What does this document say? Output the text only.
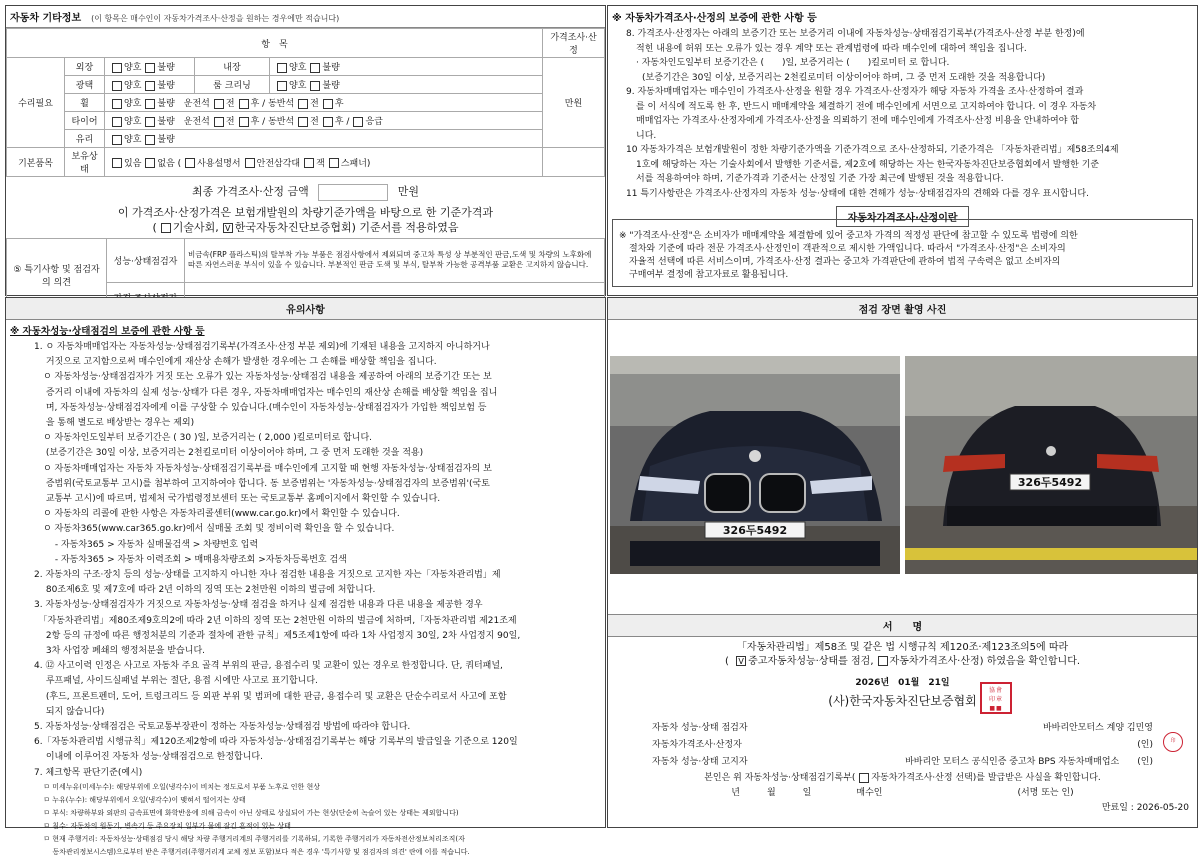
자동차 기타정보　 (이 항목은 매수인이 자동차가격조사·산정을 원하는 경우에만 적습니다)
항　목					가격조사·산정
수리필요	외장	양호 불량	내장	양호 불량	만원
	광택	양호 불량	룸 크리닝	양호 불량	
	휠	양호 불량　 운전석 전 후 / 동반석 전 후			
	타이어	양호 불량　 운전석 전 후 / 동반석 전 후 / 응급			
	유리	양호 불량			
기본품목	보유상태	있음 없음 ( 사용설명서 안전삼각대 잭 스패너)			
최종 가격조사·산정 금액	만원
이 가격조사·산정가격은 보험개발원의 차량기준가액을 바탕으로 한 기준가격과
( 기술사회, V 한국자동차진단보증협회) 기준서를 적용하였음
⑤ 특기사항 및 점검자의 의견	성능·상태점검자	비금속(FRP 플라스틱)의 탈부착 가능 부품은 점검사항에서 제외되며 중고차 특성 상 부분적인 판금,도색 및 차량의 노후화에 따른 자연스러운 부식이 있을 수 있습니다. 부분적인 판금 도색 및 부식, 탈부착 가능한 공격부품 교환은 고지하지 않습니다.

※ 자동차가격조사·산정의 보증에 관한 사항 등
8. 가격조사·산정자는 아래의 보증기간 또는 보증거리 이내에 자동차성능·상태점검기록부(가격조사·산정 부분 한정)에
적힌 내용에 허위 또는 오류가 있는 경우 계약 또는 관계법령에 따라 매수인에 대하여 책임을 집니다.
· 자동차인도일부터 보증기간은 (　　)일, 보증거리는 (　　)킬로미터 로 합니다.
(보증기간은 30일 이상, 보증거리는 2천킬로미터 이상이어야 하며, 그 중 먼저 도래한 것을 적용합니다)
9. 자동차매매업자는 매수인이 가격조사·산정을 원할 경우 가격조사·산정자가 해당 자동차 가격을 조사·산정하여 결과
를 이 서식에 적도록 한 후, 반드시 매매계약을 체결하기 전에 매수인에게 서면으로 고지하여야 합니다. 이 경우 자동차
매매업자는 가격조사·산정자에게 가격조사·산정을 의뢰하기 전에 매수인에게 가격조사·산정 비용을 안내하여야 합
니다.
10 자동차가격은 보험개발원이 정한 차량기준가액을 기준가격으로 조사·산정하되, 기준가격은 「자동차관리법」제58조의4제
1호에 해당하는 자는 기술사회에서 발행한 기준서를, 제2호에 해당하는 자는 한국자동차진단보증협회에서 발행한 기준
서를 적용하여야 하며, 기준가격과 기준서는 산정일 기준 가장 최근에 발행된 것을 적용합니다.
11 특기사항란은 가격조사·산정자의 자동차 성능·상태에 대한 견해가 성능·상태점검자의 견해와 다를 경우 표시합니다.
자동차가격조사·산정이란
※ "가격조사·산정"은 소비자가 매매계약을 체결함에 있어 중고차 가격의 적정성 판단에 참고할 수 있도록 법령에 의한
절차와 기준에 따라 전문 가격조사·산정인이 객관적으로 제시한 가액입니다. 따라서 "가격조사·산정"은 소비자의
자율적 선택에 따른 서비스이며, 가격조사·산정 결과는 중고차 가격판단에 관하여 법적 구속력은 없고 소비자의
구매여부 결정에 참고자료로 활용됩니다.
유의사항
※ 자동차성능·상태점검의 보증에 관한 사항 등
1. ㅇ 자동차매매업자는 자동차성능·상태점검기록부(가격조사·산정 부분 제외)에 기재된 내용을 고지하지 아니하거나
　 거짓으로 고지함으로써 매수인에게 재산상 손해가 발생한 경우에는 그 손해를 배상할 책임을 집니다.
　ㅇ 자동차성능·상태점검자가 거짓 또는 오류가 있는 자동차성능·상태점검 내용을 제공하여 아래의 보증기간 또는 보
　 증거리 이내에 자동차의 실제 성능·상태가 다른 경우, 자동차매매업자는 매수인의 재산상 손해를 배상할 책임을 집니
　 며, 자동차성능·상태점검자에게 이를 구상할 수 있습니다.(매수인이 자동차성능·상태점검자가 가입한 책임보험 등
　 을 통해 별도로 배상받는 경우는 제외)
　ㅇ 자동차인도일부터 보증기간은 ( 30 )일, 보증거리는 ( 2,000 )킬로미터로 합니다.
　 (보증기간은 30일 이상, 보증거리는 2천킬로미터 이상이어야 하며, 그 중 먼저 도래한 것을 적용)
　ㅇ 자동차매매업자는 자동차 자동차성능·상태점검기록부를 매수인에게 고지할 때 현행 자동차성능·상태점검자의 보
　 증범위(국토교통부 고시)를 첨부하여 고지하여야 합니다. 동 보증범위는 '자동차성능·상태점검자의 보증범위'(국토
　 교통부 고시)에 따르며, 법제처 국가법령정보센터 또는 국토교통부 홈페이지에서 확인할 수 있습니다.
　ㅇ 자동차의 리콜에 관한 사항은 자동차리콜센터(www.car.go.kr)에서 확인할 수 있습니다.
　ㅇ 자동차365(www.car365.go.kr)에서 실매물 조회 및 정비이력 확인을 할 수 있습니다.
　　 - 자동차365 > 자동차 실매물검색 > 차량번호 입력
　　 - 자동차365 > 자동차 이력조회 > 매매용차량조회 >자동차등록번호 검색
2. 자동차의 구조·장치 등의 성능·상태를 고지하지 아니한 자나 점검한 내용을 거짓으로 고지한 자는「자동차관리법」제
　 80조제6호 및 제7호에 따라 2년 이하의 징역 또는 2천만원 이하의 벌금에 처합니다.
3. 자동차성능·상태점검자가 거짓으로 자동차성능·상태 점검을 하거나 실제 점검한 내용과 다른 내용을 제공한 경우
　「자동차관리법」제80조제9호의2에 따라 2년 이하의 징역 또는 2천만원 이하의 벌금에 처하며,「자동차관리법 제21조제
　 2항 등의 규정에 따른 행정처분의 기준과 절차에 관한 규칙」제5조제1항에 따라 1차 사업정지 30일, 2차 사업정지 90일,
　 3차 사업장 폐쇄의 행정처분을 받습니다.
4. ⑫ 사고이력 인정은 사고로 자동차 주요 골격 부위의 판금, 용접수리 및 교환이 있는 경우로 한정합니다. 단, 쿼터패널,
　 루프패널, 사이드실패널 부위는 절단, 용접 시에만 사고로 표기합니다.
　 (후드, 프론트펜더, 도어, 트렁크리드 등 외판 부위 및 범퍼에 대한 판금, 용접수리 및 교환은 단순수리로서 사고에 포함
　 되지 않습니다)
5. 자동차성능·상태점검은 국토교통부장관이 정하는 자동차성능·상태점검 방법에 따라야 합니다.
6.「자동차관리법 시행규칙」제120조제2항에 따라 자동차성능·상태점검기록부는 해당 기록부의 발급일을 기준으로 120일
　 이내에 이루어진 자동차 성능·상태점검으로 한정합니다.
7. 체크항목 판단기준(예시)
　 ㅁ 미세누유(미세누수): 해당부위에 오일(냉각수)이 비치는 정도로서 부품 노후로 인한 현상
　 ㅁ 누유(누수): 해당부위에서 오일(냉각수)이 맺혀서 떨어지는 상태
　 ㅁ 부식: 차량하부와 외판의 금속표면에 화학반응에 의해 금속이 아닌 상태로 상실되어 가는 현상(단순히 녹슬어 있는 상태는 제외합니다)
　 ㅁ 침수: 자동차의 원동기, 변속기 등 주요장치 일부가 물에 잠긴 흔적이 있는 상태
　 ㅁ 현재 주행거리: 자동차성능·상태점검 당시 해당 차량 주행거리계의 주행거리를 기록하되, 기록한 주행거리가 자동차전산정보처리조직(자
　 　 동차관리정보시스템)으로부터 받은 주행거리(주행거리계 교체 정보 포함)보다 적은 경우 '특기사항 및 점검자의 의견' 란에 이를 적습니다.
점검 장면 촬영 사진
326두5492
326두5492
서　　명
「자동차관리법」제58조 및 같은 법 시행규칙 제120조·제123조의5에 따라
( V 중고자동차성능·상태를 점검, 자동차가격조사·산정) 하였음을 확인합니다.
2026년　 01월　 21일
(사)한국자동차진단보증협회
協會
印章
■■
자동차 성능·상태 점검자	바바리안모터스 계양 김민영
印
자동차가격조사·산정자	(인)
자동차 성능·상태 고지자	바바리안 모터스 공식인증 중고차 BPS 자동차매매업소　　 (인)
본인은 위 자동차성능·상태점검기록부( 자동차가격조사·산정 선택)를 발급받은 사실을 확인합니다.
년　　　월　　　일　　　　　매수인　　　　　　　　　　　　　　　(서명 또는 인)
만료일 : 2026-05-20
